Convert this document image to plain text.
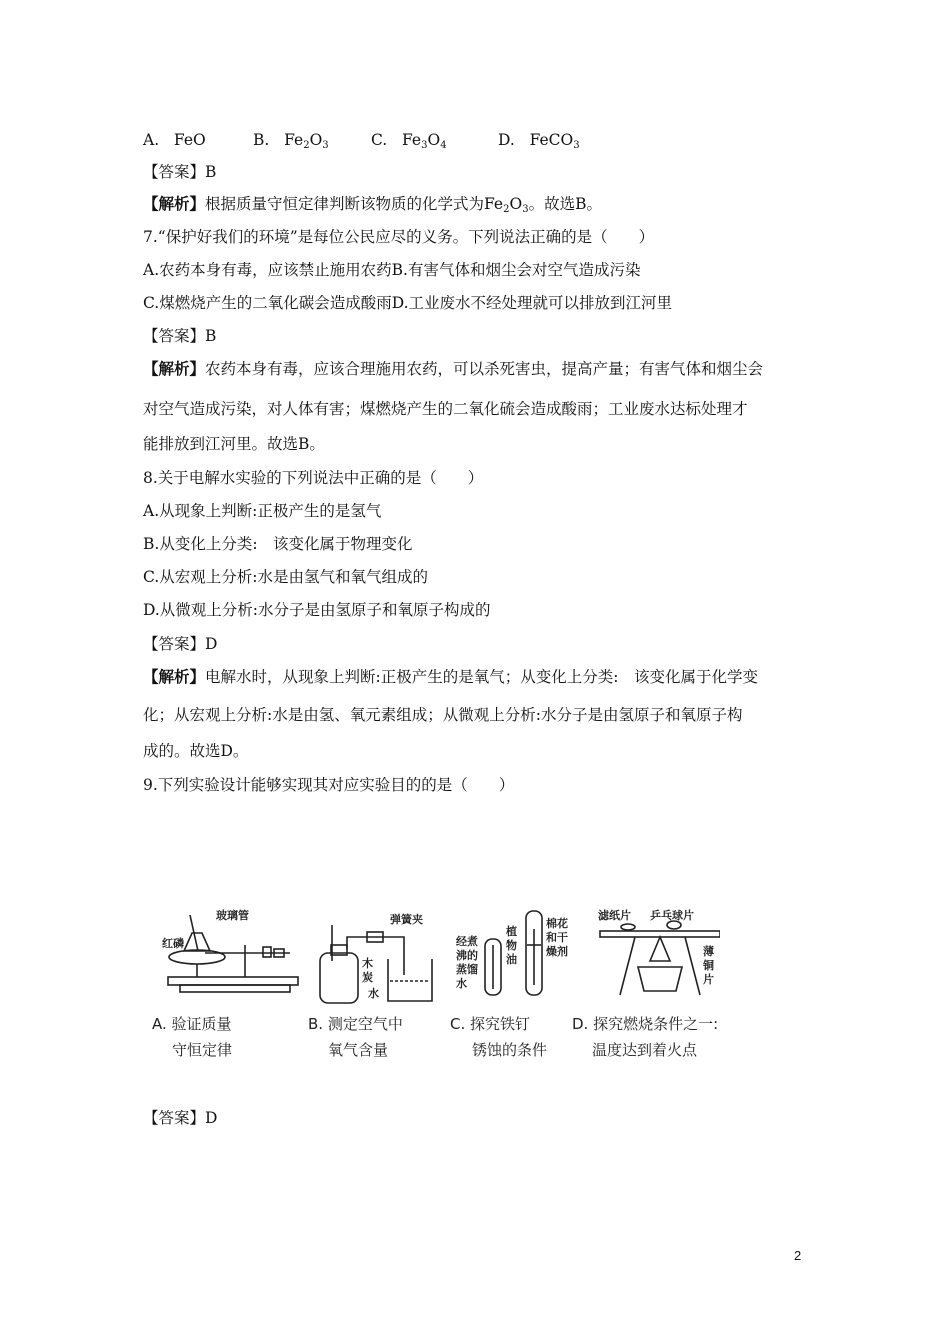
A. FeO	B. $Fe_2O_3$	C. $Fe_3O_4$	D. FeCO$_3$
【答案】B
【解析】根据质量守恒定律判断该物质的化学式为$Fe_2O_3$。故选B。
7.“保护好我们的环境”是每位公民应尽的义务。下列说法正确的是（　　）
A.农药本身有毒，应该禁止施用农药B.有害气体和烟尘会对空气造成污染
C.煤燃烧产生的二氧化碳会造成酸雨D.工业废水不经处理就可以排放到江河里
【答案】B
【解析】农药本身有毒，应该合理施用农药，可以杀死害虫，提高产量；有害气体和烟尘会
对空气造成污染，对人体有害；煤燃烧产生的二氧化硫会造成酸雨；工业废水达标处理才
能排放到江河里。故选B。
8.关于电解水实验的下列说法中正确的是（　　）
A.从现象上判断:正极产生的是氢气
B.从变化上分类:　该变化属于物理变化
C.从宏观上分析:水是由氢气和氧气组成的
D.从微观上分析:水分子是由氢原子和氧原子构成的
【答案】D
【解析】电解水时，从现象上判断:正极产生的是氧气；从变化上分类:　该变化属于化学变
化；从宏观上分析:水是由氢、氧元素组成；从微观上分析:水分子是由氢原子和氧原子构
成的。故选D。
9.下列实验设计能够实现其对应实验目的的是（　　）
玻璃管
红磷
弹簧夹
木
炭
水
经煮
沸的
蒸馏
水
植
物
油
棉花
和干
燥剂
滤纸片 乒乓球片
薄
铜
片
A. 验证质量
守恒定律
B. 测定空气中
氧气含量
C. 探究铁钉
锈蚀的条件
D. 探究燃烧条件之一:
温度达到着火点
【答案】D
2
